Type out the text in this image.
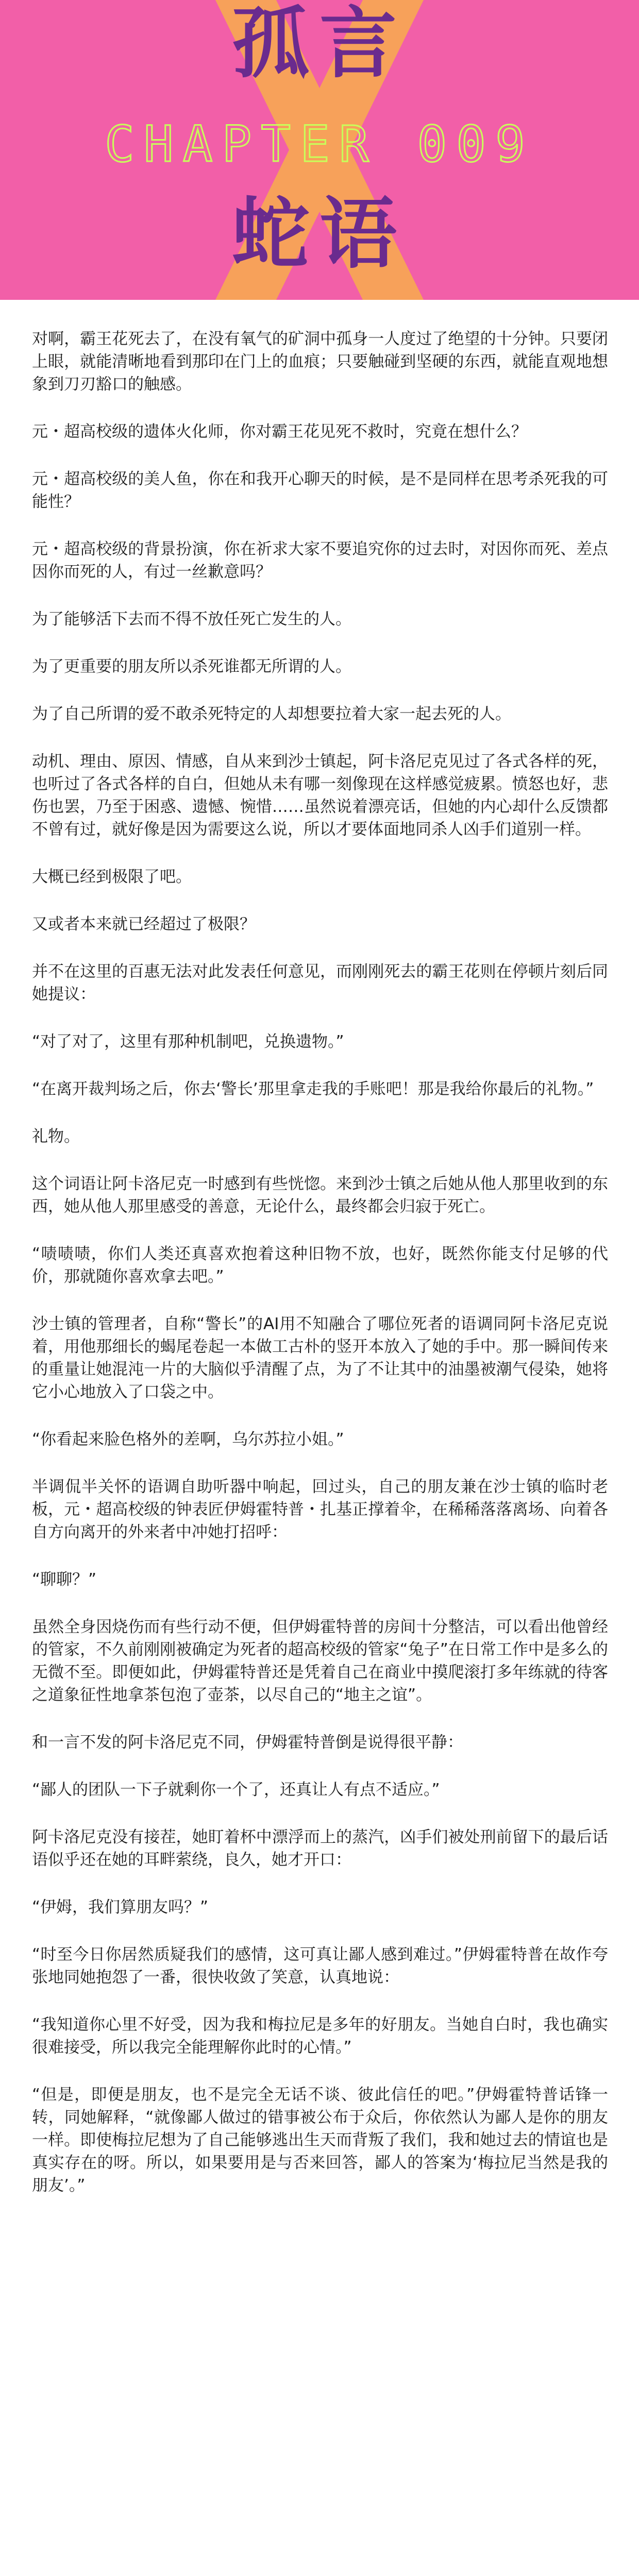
孤言
CHAPTER 009
蛇语

对啊，霸王花死去了，在没有氧气的矿洞中孤身一人度过了绝望的十分钟。只要闭上眼，就能清晰地看到那印在门上的血痕；只要触碰到坚硬的东西，就能直观地想象到刀刃豁口的触感。

元・超高校级的遗体火化师，你对霸王花见死不救时，究竟在想什么？

元・超高校级的美人鱼，你在和我开心聊天的时候，是不是同样在思考杀死我的可能性？

元・超高校级的背景扮演，你在祈求大家不要追究你的过去时，对因你而死、差点因你而死的人，有过一丝歉意吗？

为了能够活下去而不得不放任死亡发生的人。

为了更重要的朋友所以杀死谁都无所谓的人。

为了自己所谓的爱不敢杀死特定的人却想要拉着大家一起去死的人。

动机、理由、原因、情感，自从来到沙士镇起，阿卡洛尼克见过了各式各样的死，也听过了各式各样的自白，但她从未有哪一刻像现在这样感觉疲累。愤怒也好，悲伤也罢，乃至于困惑、遗憾、惋惜……虽然说着漂亮话，但她的内心却什么反馈都不曾有过，就好像是因为需要这么说，所以才要体面地同杀人凶手们道别一样。

大概已经到极限了吧。

又或者本来就已经超过了极限？

并不在这里的百惠无法对此发表任何意见，而刚刚死去的霸王花则在停顿片刻后同她提议：

“对了对了，这里有那种机制吧，兑换遗物。”

“在离开裁判场之后，你去‘警长’那里拿走我的手账吧！那是我给你最后的礼物。”

礼物。

这个词语让阿卡洛尼克一时感到有些恍惚。来到沙士镇之后她从他人那里收到的东西，她从他人那里感受的善意，无论什么，最终都会归寂于死亡。

“啧啧啧，你们人类还真喜欢抱着这种旧物不放，也好，既然你能支付足够的代价，那就随你喜欢拿去吧。”

沙士镇的管理者，自称“警长”的AI用不知融合了哪位死者的语调同阿卡洛尼克说着，用他那细长的蝎尾卷起一本做工古朴的竖开本放入了她的手中。那一瞬间传来的重量让她混沌一片的大脑似乎清醒了点，为了不让其中的油墨被潮气侵染，她将它小心地放入了口袋之中。

“你看起来脸色格外的差啊，乌尔苏拉小姐。”

半调侃半关怀的语调自助听器中响起，回过头，自己的朋友兼在沙士镇的临时老板，元・超高校级的钟表匠伊姆霍特普・扎基正撑着伞，在稀稀落落离场、向着各自方向离开的外来者中冲她打招呼：

“聊聊？”

虽然全身因烧伤而有些行动不便，但伊姆霍特普的房间十分整洁，可以看出他曾经的管家，不久前刚刚被确定为死者的超高校级的管家“兔子”在日常工作中是多么的无微不至。即便如此，伊姆霍特普还是凭着自己在商业中摸爬滚打多年练就的待客之道象征性地拿茶包泡了壶茶，以尽自己的“地主之谊”。

和一言不发的阿卡洛尼克不同，伊姆霍特普倒是说得很平静：

“鄙人的团队一下子就剩你一个了，还真让人有点不适应。”

阿卡洛尼克没有接茬，她盯着杯中漂浮而上的蒸汽，凶手们被处刑前留下的最后话语似乎还在她的耳畔萦绕，良久，她才开口：

“伊姆，我们算朋友吗？”

“时至今日你居然质疑我们的感情，这可真让鄙人感到难过。”伊姆霍特普在故作夸张地同她抱怨了一番，很快收敛了笑意，认真地说：

“我知道你心里不好受，因为我和梅拉尼是多年的好朋友。当她自白时，我也确实很难接受，所以我完全能理解你此时的心情。”

“但是，即便是朋友，也不是完全无话不谈、彼此信任的吧。”伊姆霍特普话锋一转，同她解释，“就像鄙人做过的错事被公布于众后，你依然认为鄙人是你的朋友一样。即使梅拉尼想为了自己能够逃出生天而背叛了我们，我和她过去的情谊也是真实存在的呀。所以，如果要用是与否来回答，鄙人的答案为‘梅拉尼当然是我的朋友’。”
